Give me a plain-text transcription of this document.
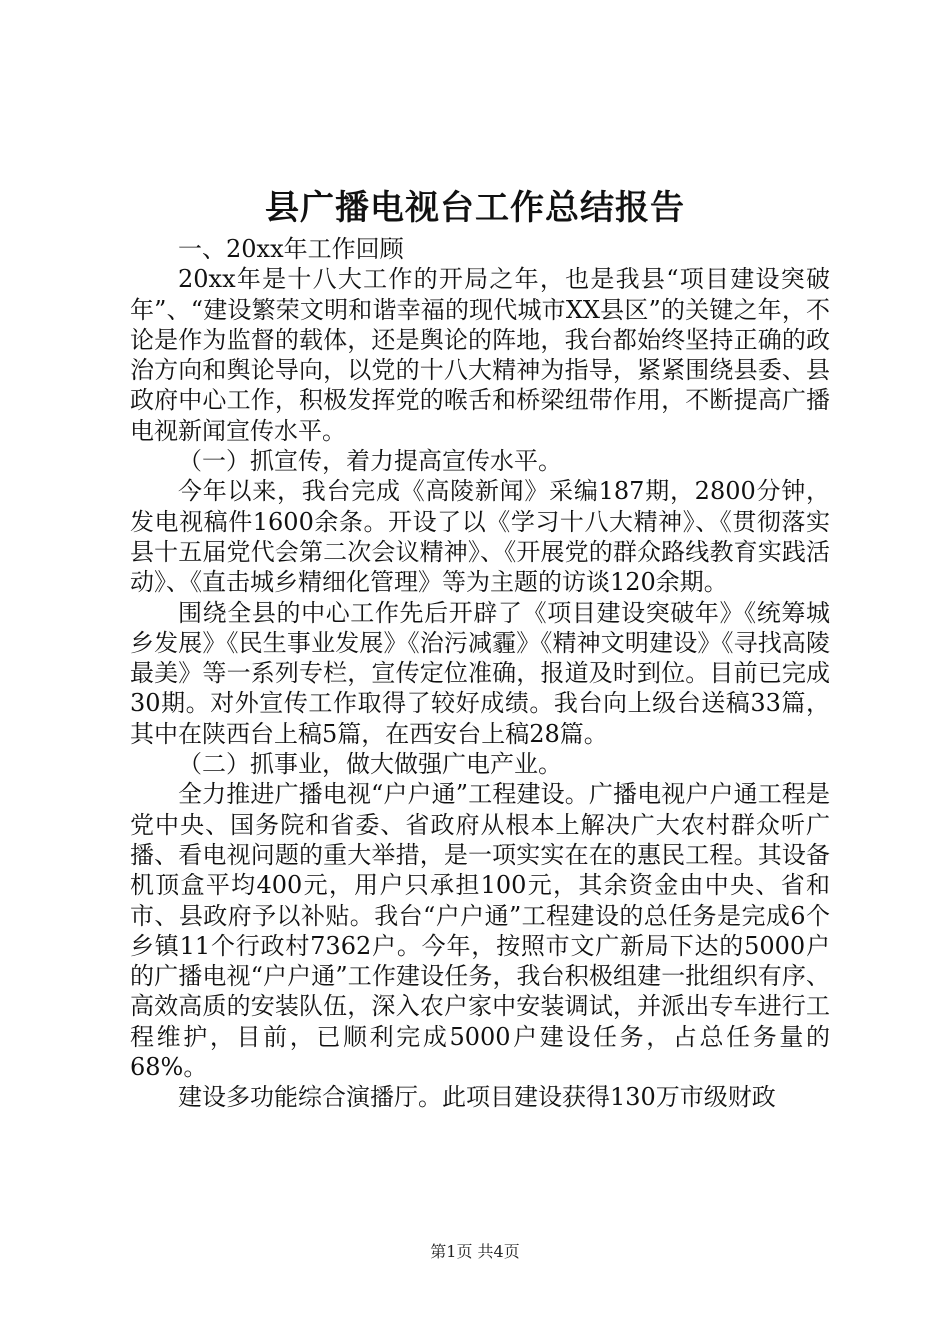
县广播电视台工作总结报告

一、20xx年工作回顾

20xx年是十八大工作的开局之年，也是我县“项目建设突破年”、“建设繁荣文明和谐幸福的现代城市XX县区”的关键之年，不论是作为监督的载体，还是舆论的阵地，我台都始终坚持正确的政治方向和舆论导向，以党的十八大精神为指导，紧紧围绕县委、县政府中心工作，积极发挥党的喉舌和桥梁纽带作用，不断提高广播电视新闻宣传水平。

（一）抓宣传，着力提高宣传水平。

今年以来，我台完成《高陵新闻》采编187期，2800分钟，发电视稿件1600余条。开设了以《学习十八大精神》、《贯彻落实县十五届党代会第二次会议精神》、《开展党的群众路线教育实践活动》、《直击城乡精细化管理》等为主题的访谈120余期。

围绕全县的中心工作先后开辟了《项目建设突破年》《统筹城乡发展》《民生事业发展》《治污减霾》《精神文明建设》《寻找高陵最美》等一系列专栏，宣传定位准确，报道及时到位。目前已完成30期。对外宣传工作取得了较好成绩。我台向上级台送稿33篇，其中在陕西台上稿5篇，在西安台上稿28篇。

（二）抓事业，做大做强广电产业。

全力推进广播电视“户户通”工程建设。广播电视户户通工程是党中央、国务院和省委、省政府从根本上解决广大农村群众听广播、看电视问题的重大举措，是一项实实在在的惠民工程。其设备机顶盒平均400元，用户只承担100元，其余资金由中央、省和市、县政府予以补贴。我台“户户通”工程建设的总任务是完成6个乡镇11个行政村7362户。今年，按照市文广新局下达的5000户的广播电视“户户通”工作建设任务，我台积极组建一批组织有序、高效高质的安装队伍，深入农户家中安装调试，并派出专车进行工程维护，目前，已顺利完成5000户建设任务，占总任务量的68%。

建设多功能综合演播厅。此项目建设获得130万市级财政

第1页 共4页
